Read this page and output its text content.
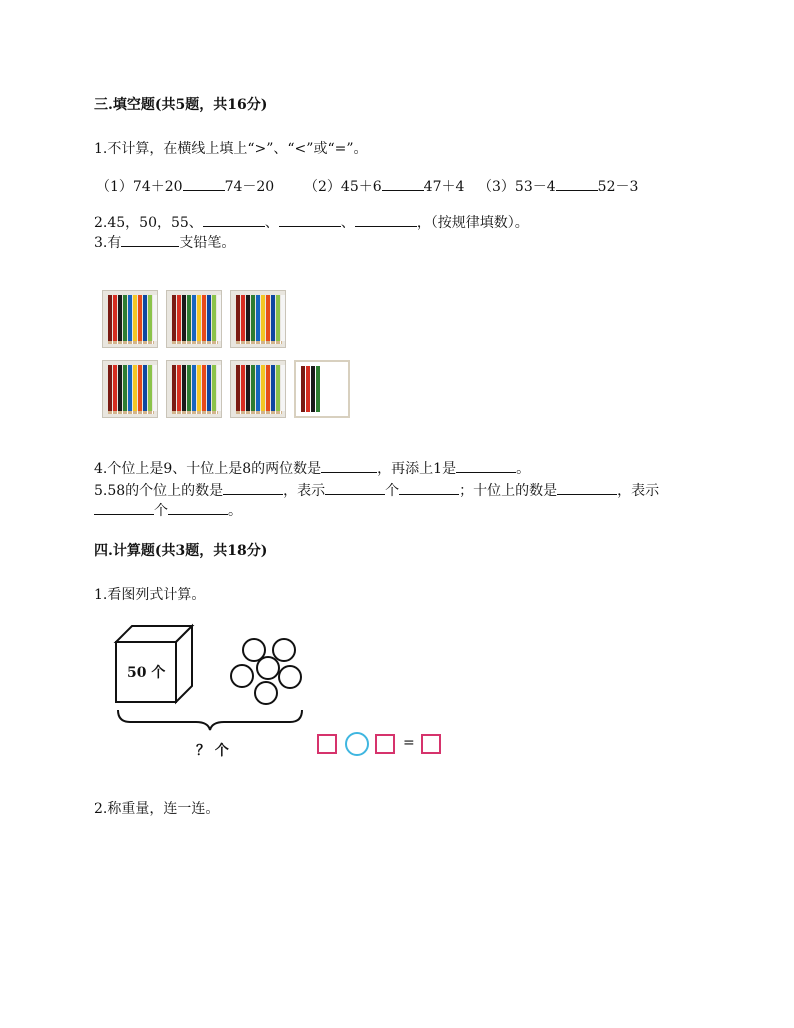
三.填空题(共5题，共16分)
1.不计算，在横线上填上“>”、“<”或“=”。
（1）74＋20	74－20 （2）45＋6	47＋4 （3）53－4	52－3
2.45，50，55、	、	、	，（按规律填数）。
3.有	支铅笔。
4.个位上是9、十位上是8的两位数是	，再添上1是	。
5.58的个位上的数是	，表示	个	；十位上的数是	，表示
个	。
四.计算题(共3题，共18分)
1.看图列式计算。
50 个
？ 个	=
2.称重量，连一连。
